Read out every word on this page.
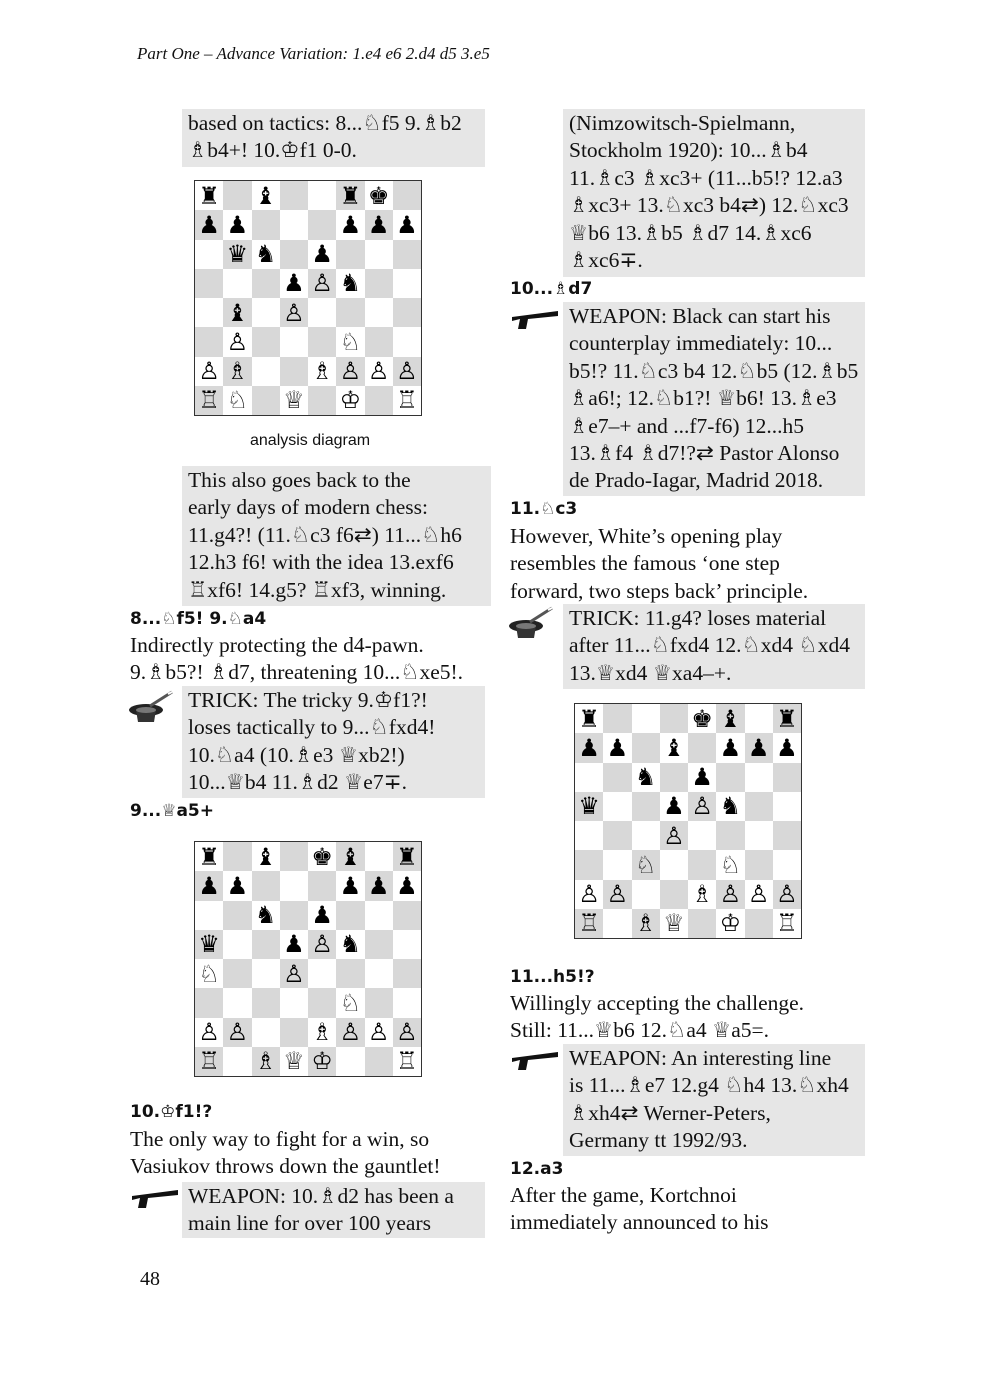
Part One – Advance Variation: 1.e4 e6 2.d4 d5 3.e5
based on tactics: 8...♘f5 9.♗b2
♗b4+! 10.♔f1 0-0.
♜ ♝	♜ ♚
♟ ♟	♟ ♟ ♟
♛ ♞ ♟
♟ ♙ ♞
♝ ♙
♙	♘
♙ ♗	♗ ♙ ♙ ♙
♖ ♘ ♕ ♔ ♖
analysis diagram
This also goes back to the
early days of modern chess:
11.g4?! (11.♘c3 f6⇄) 11...♘h6
12.h3 f6! with the idea 13.exf6
♖xf6! 14.g5? ♖xf3, winning.
8...♘f5! 9.♘a4
Indirectly protecting the d4-pawn.
9.♗b5?! ♗d7, threatening 10...♘xe5!.
TRICK: The tricky 9.♔f1?!
loses tactically to 9...♘fxd4!
10.♘a4 (10.♗e3 ♕xb2!)
10...♕b4 11.♗d2 ♕e7∓.
9...♕a5+
♜ ♝ ♚ ♝ ♜
♟ ♟	♟ ♟ ♟
♞ ♟
♛	♟ ♙ ♞
♘	♙
♘
♙ ♙	♗ ♙ ♙ ♙
♖ ♗ ♕ ♔	♖
10.♔f1!?
The only way to fight for a win, so
Vasiukov throws down the gauntlet!
WEAPON: 10.♗d2 has been a
main line for over 100 years
(Nimzowitsch-Spielmann,
Stockholm 1920): 10...♗b4
11.♗c3 ♗xc3+ (11...b5!? 12.a3
♗xc3+ 13.♘xc3 b4⇄) 12.♘xc3
♕b6 13.♗b5 ♗d7 14.♗xc6
♗xc6∓.
10...♗d7
WEAPON: Black can start his
counterplay immediately: 10...
b5!? 11.♘c3 b4 12.♘b5 (12.♗b5
♗a6!; 12.♘b1?! ♕b6! 13.♗e3
♗e7–+ and ...f7-f6) 12...h5
13.♗f4 ♗d7!?⇄ Pastor Alonso
de Prado-Iagar, Madrid 2018.
11.♘c3
However, White’s opening play
resembles the famous ‘one step
forward, two steps back’ principle.
TRICK: 11.g4? loses material
after 11...♘fxd4 12.♘xd4 ♘xd4
13.♕xd4 ♕xa4–+.
♜	♚ ♝ ♜
♟ ♟ ♝ ♟ ♟ ♟
♞ ♟
♛	♟ ♙ ♞
♙
♘	♘
♙ ♙	♗ ♙ ♙ ♙
♖ ♗ ♕ ♔ ♖
11...h5!?
Willingly accepting the challenge.
Still: 11...♕b6 12.♘a4 ♕a5=.
WEAPON: An interesting line
is 11...♗e7 12.g4 ♘h4 13.♘xh4
♗xh4⇄ Werner-Peters,
Germany tt 1992/93.
12.a3
After the game, Kortchnoi
immediately announced to his
48
